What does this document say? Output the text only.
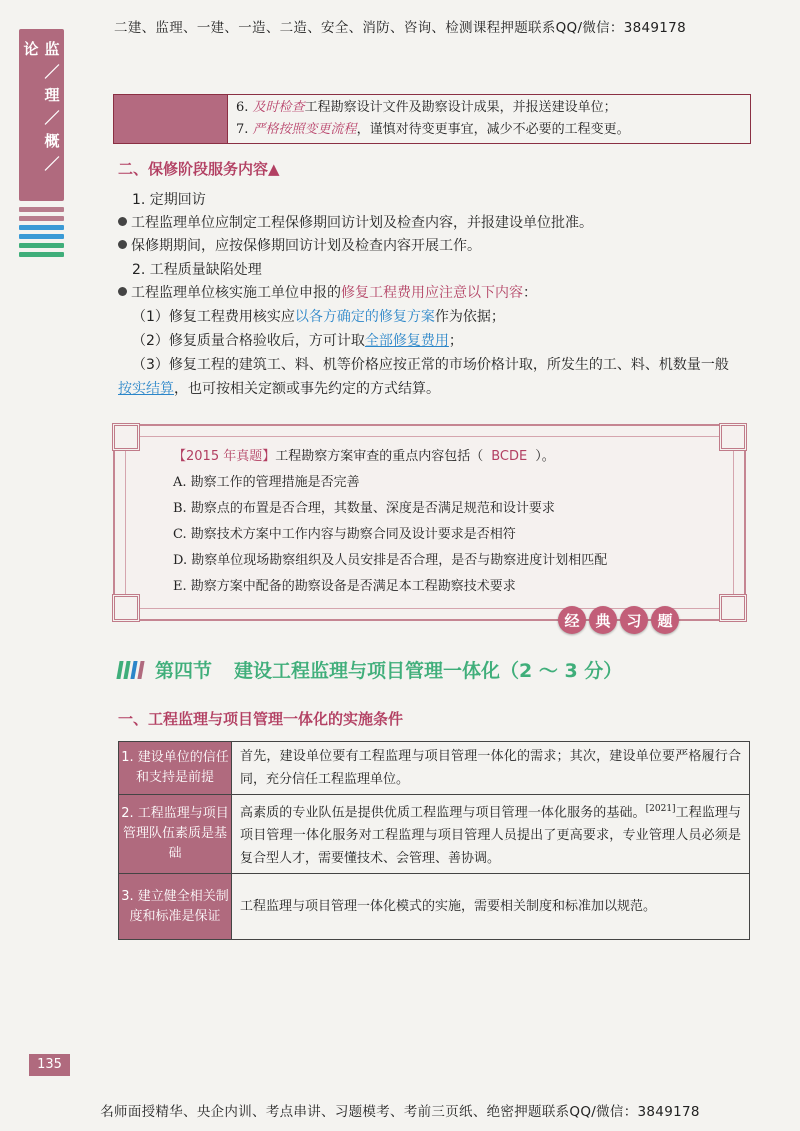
二建、监理、一建、一造、二造、安全、消防、咨询、检测课程押题联系QQ/微信：3849178
监／理／概／论
6. 及时检查工程勘察设计文件及勘察设计成果，并报送建设单位；
7. 严格按照变更流程，谨慎对待变更事宜，减少不必要的工程变更。
二、保修阶段服务内容▲
1. 定期回访
工程监理单位应制定工程保修期回访计划及检查内容，并报建设单位批准。
保修期期间，应按保修期回访计划及检查内容开展工作。
2. 工程质量缺陷处理
工程监理单位核实施工单位申报的修复工程费用应注意以下内容：
（1）修复工程费用核实应以各方确定的修复方案作为依据；
（2）修复质量合格验收后，方可计取全部修复费用；
（3）修复工程的建筑工、料、机等价格应按正常的市场价格计取，所发生的工、料、机数量一般
按实结算，也可按相关定额或事先约定的方式结算。
【2015 年真题】工程勘察方案审查的重点内容包括（ BCDE ）。
A. 勘察工作的管理措施是否完善
B. 勘察点的布置是否合理，其数量、深度是否满足规范和设计要求
C. 勘察技术方案中工作内容与勘察合同及设计要求是否相符
D. 勘察单位现场勘察组织及人员安排是否合理，是否与勘察进度计划相匹配
E. 勘察方案中配备的勘察设备是否满足本工程勘察技术要求
经	典	习	题
第四节 建设工程监理与项目管理一体化（2 ～ 3 分）
一、工程监理与项目管理一体化的实施条件
1. 建设单位的信任和支持是前提	首先，建设单位要有工程监理与项目管理一体化的需求；其次，建设单位要严格履行合同，充分信任工程监理单位。
2. 工程监理与项目管理队伍素质是基础	高素质的专业队伍是提供优质工程监理与项目管理一体化服务的基础。[2021]工程监理与项目管理一体化服务对工程监理与项目管理人员提出了更高要求，专业管理人员必须是复合型人才，需要懂技术、会管理、善协调。
3. 建立健全相关制度和标准是保证	工程监理与项目管理一体化模式的实施，需要相关制度和标准加以规范。
135
名师面授精华、央企内训、考点串讲、习题模考、考前三页纸、绝密押题联系QQ/微信：3849178
